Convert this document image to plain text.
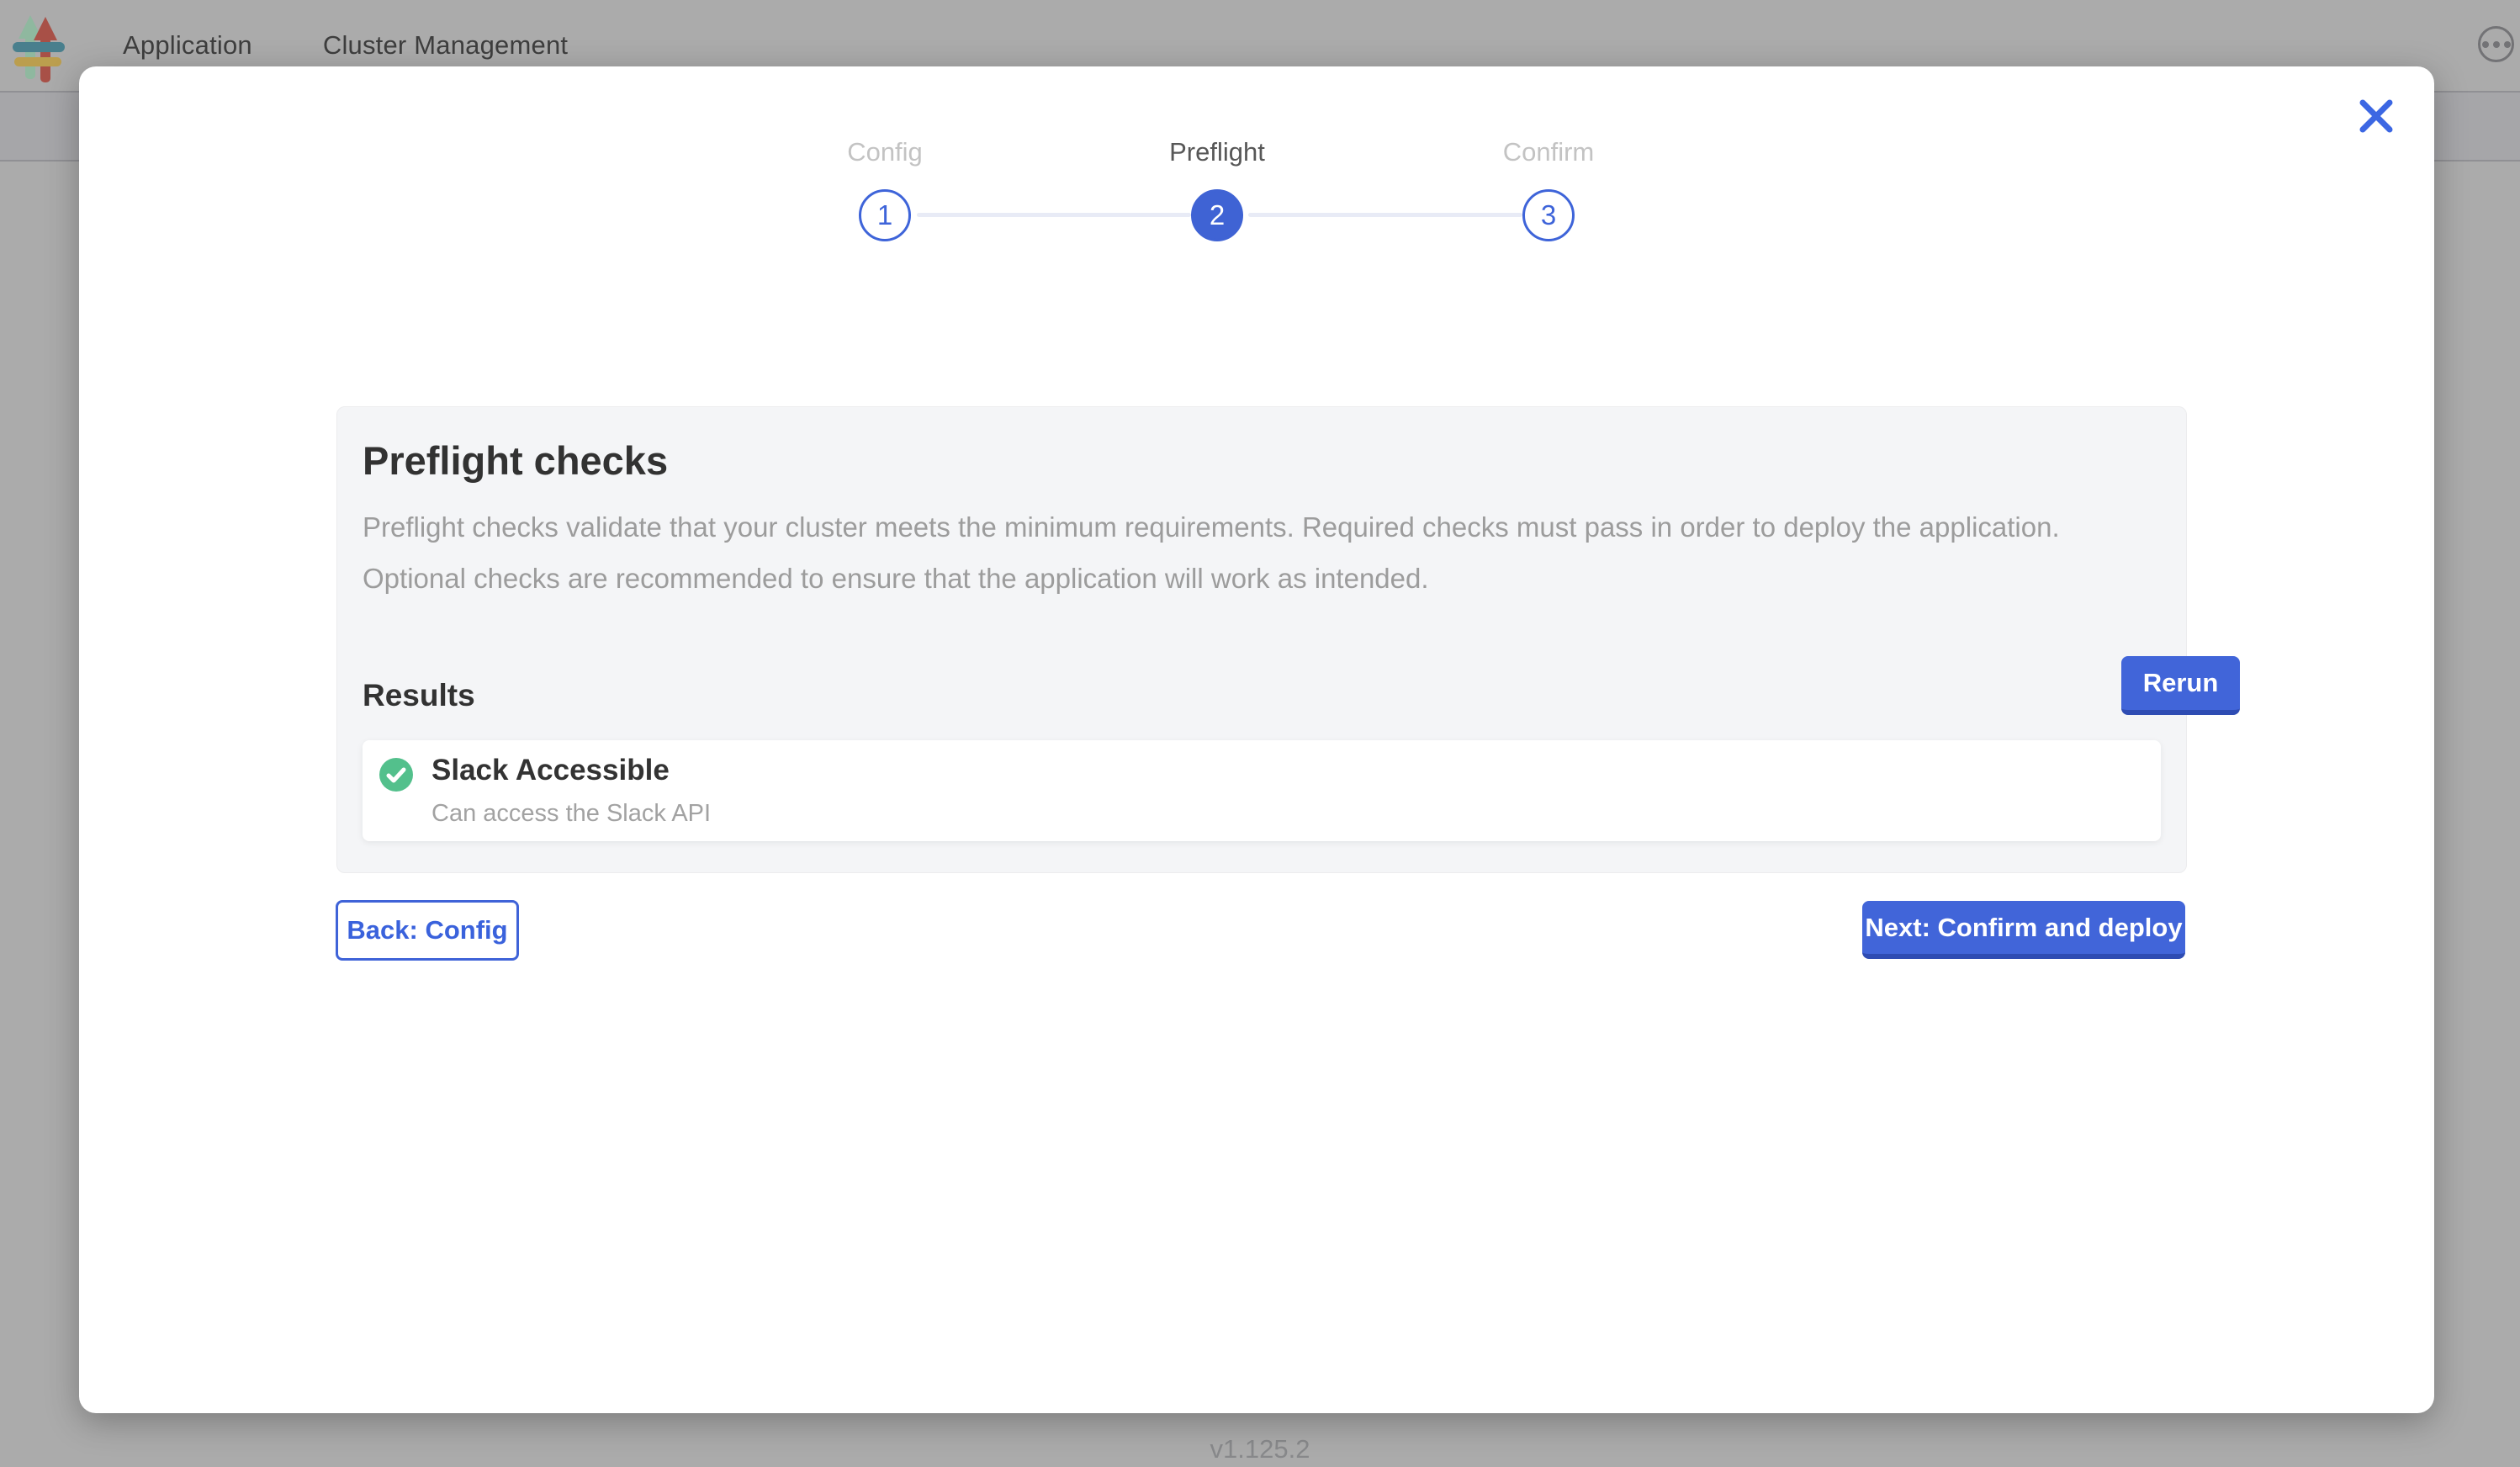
Application	Cluster Management
v1.125.2
Config	Preflight	Confirm
1	2	3
Preflight checks
Preflight checks validate that your cluster meets the minimum requirements. Required checks must pass in order to deploy the application. Optional checks are recommended to ensure that the application will work as intended.
Results	Rerun
Slack Accessible
Can access the Slack API
Back: Config	Next: Confirm and deploy
